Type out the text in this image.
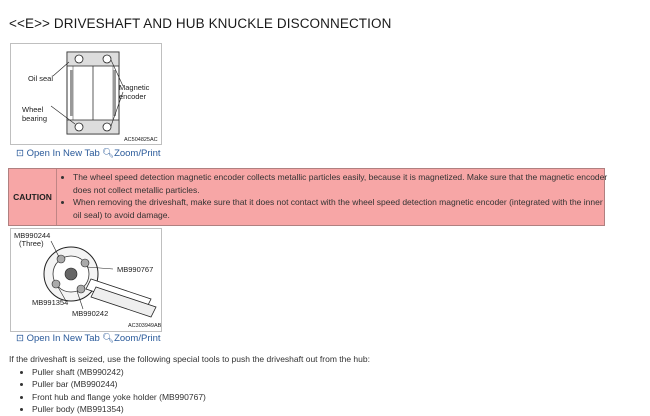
<<E>> DRIVESHAFT AND HUB KNUCKLE DISCONNECTION
Oil seal
Wheel
bearing
Magnetic
encoder
AC504825AC
⊡ Open In New Tab 🔍︎Zoom/Print
CAUTION
• The wheel speed detection magnetic encoder collects metallic particles easily, because it is magnetized. Make sure that the magnetic encoder does not collect metallic particles.
• When removing the driveshaft, make sure that it does not contact with the wheel speed detection magnetic encoder (integrated with the inner oil seal) to avoid damage.
MB990244
(Three)
MB990767
MB991354
MB990242
AC303949AB
⊡ Open In New Tab 🔍︎Zoom/Print
If the driveshaft is seized, use the following special tools to push the driveshaft out from the hub:
• Puller shaft (MB990242)
• Puller bar (MB990244)
• Front hub and flange yoke holder (MB990767)
• Puller body (MB991354)
